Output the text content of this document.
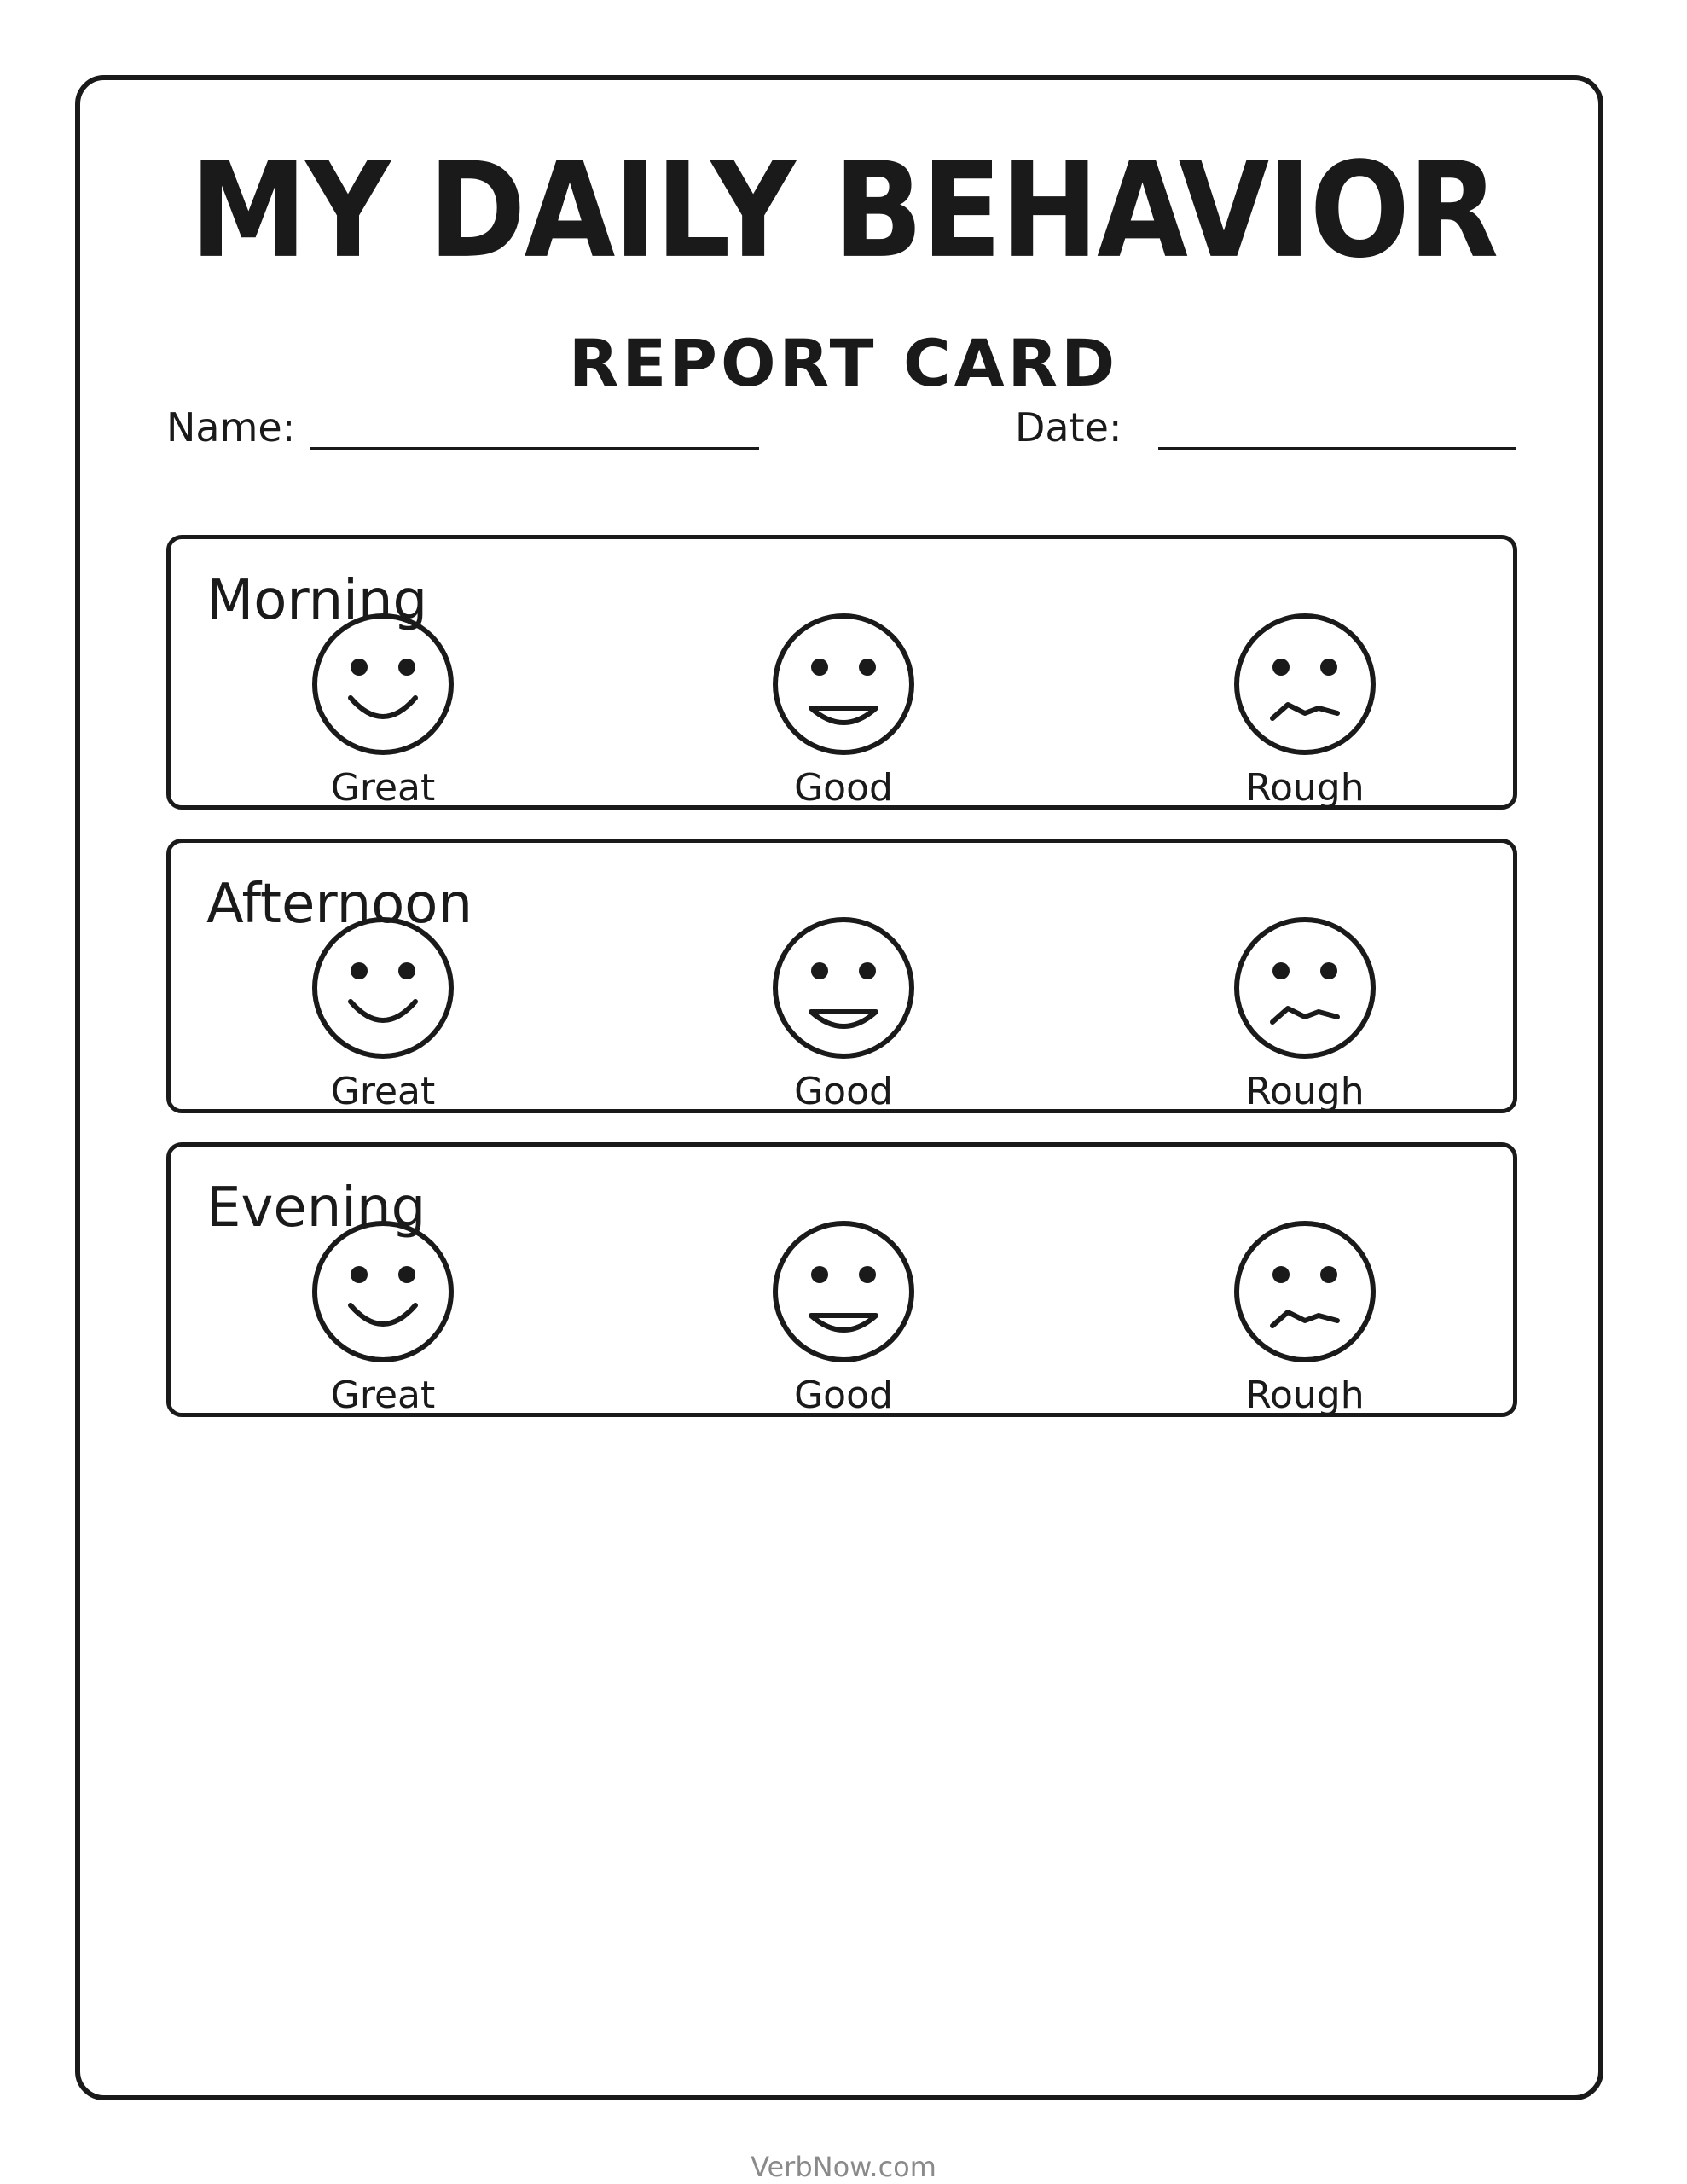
MY DAILY BEHAVIOR
REPORT CARD
Name:	Date:
Morning
Great	Good	Rough
Afternoon
Great	Good	Rough
Evening
Great	Good	Rough
VerbNow.com
